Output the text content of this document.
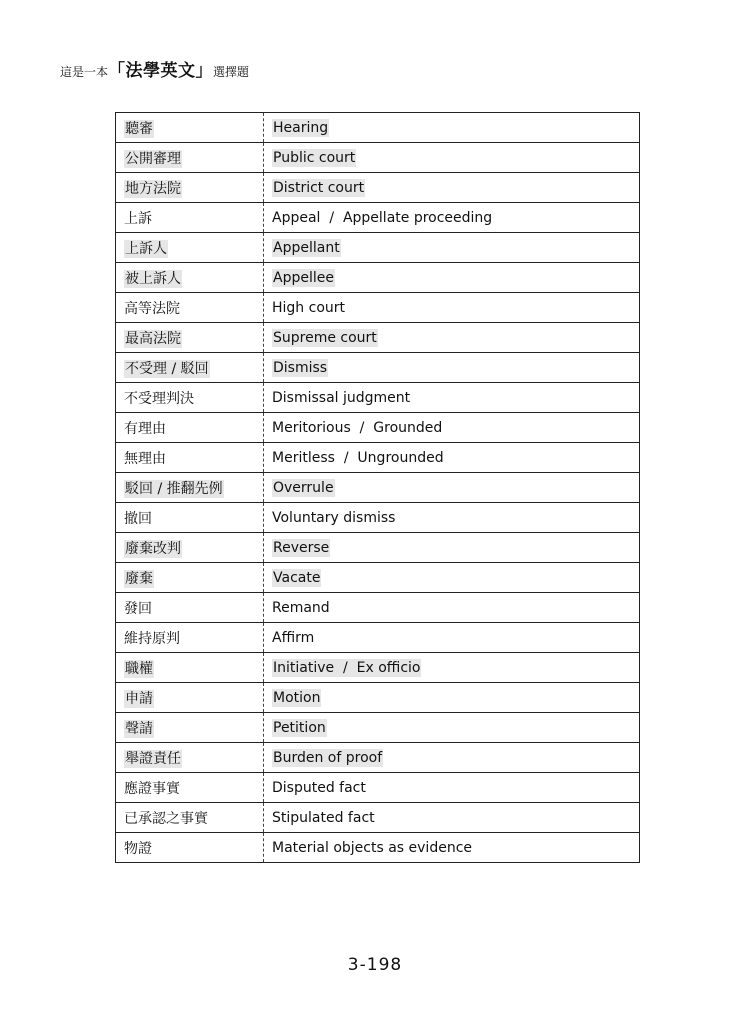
這是一本 「法學英文」 選擇題
聽審	Hearing
公開審理	Public court
地方法院	District court
上訴	Appeal  /  Appellate proceeding
上訴人	Appellant
被上訴人	Appellee
高等法院	High court
最高法院	Supreme court
不受理 / 駁回	Dismiss
不受理判決	Dismissal judgment
有理由	Meritorious  /  Grounded
無理由	Meritless  /  Ungrounded
駁回 / 推翻先例	Overrule
撤回	Voluntary dismiss
廢棄改判	Reverse
廢棄	Vacate
發回	Remand
維持原判	Affirm
職權	Initiative  /  Ex officio
申請	Motion
聲請	Petition
舉證責任	Burden of proof
應證事實	Disputed fact
已承認之事實	Stipulated fact
物證	Material objects as evidence
3-198
